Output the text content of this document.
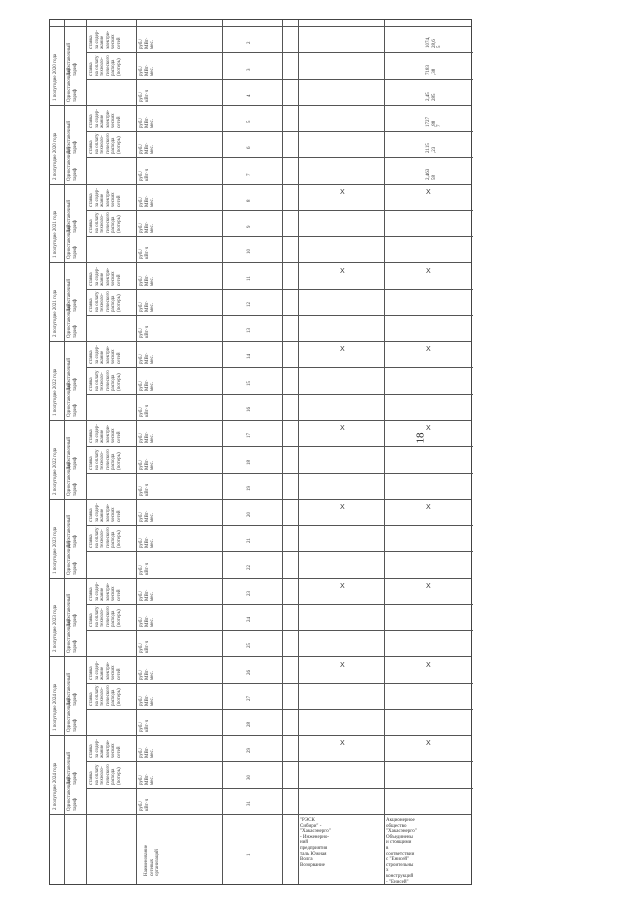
18
1 полугодие 2020 года
2 полугодие 2020 года
1 полугодие 2021 года
2 полугодие 2021 года
1 полугодие 2022 года
2 полугодие 2022 года
1 полугодие 2023 года
2 полугодие 2023 года
1 полугодие 2024 года
2 полугодие 2024 года
Двухставочный
тариф
Одноставочный
тариф
ставка
за содер-
жание
электри-
ческих
сетей
ставка
на оплату
техноло-
гического
расхода
(потерь)
руб./
МВт·
мес.
руб./
МВт·
мес.
руб./
кВт·ч
Двухставочный
тариф
Одноставочный
тариф
ставка
за содер-
жание
электри-
ческих
сетей
ставка
на оплату
техноло-
гического
расхода
(потерь)
руб./
МВт·
мес.
руб./
МВт·
мес.
руб./
кВт·ч
Двухставочный
тариф
Одноставочный
тариф
ставка
за содер-
жание
электри-
ческих
сетей
ставка
на оплату
техноло-
гического
расхода
(потерь)
руб./
МВт·
мес.
руб./
МВт·
мес.
руб./
кВт·ч
Двухставочный
тариф
Одноставочный
тариф
ставка
за содер-
жание
электри-
ческих
сетей
ставка
на оплату
техноло-
гического
расхода
(потерь)
руб./
МВт·
мес.
руб./
МВт·
мес.
руб./
кВт·ч
Двухставочный
тариф
Одноставочный
тариф
ставка
за содер-
жание
электри-
ческих
сетей
ставка
на оплату
техноло-
гического
расхода
(потерь)
руб./
МВт·
мес.
руб./
МВт·
мес.
руб./
кВт·ч
Двухставочный
тариф
Одноставочный
тариф
ставка
за содер-
жание
электри-
ческих
сетей
ставка
на оплату
техноло-
гического
расхода
(потерь)
руб./
МВт·
мес.
руб./
МВт·
мес.
руб./
кВт·ч
Двухставочный
тариф
Одноставочный
тариф
ставка
за содер-
жание
электри-
ческих
сетей
ставка
на оплату
техноло-
гического
расхода
(потерь)
руб./
МВт·
мес.
руб./
МВт·
мес.
руб./
кВт·ч
Двухставочный
тариф
Одноставочный
тариф
ставка
за содер-
жание
электри-
ческих
сетей
ставка
на оплату
техноло-
гического
расхода
(потерь)
руб./
МВт·
мес.
руб./
МВт·
мес.
руб./
кВт·ч
Двухставочный
тариф
Одноставочный
тариф
ставка
за содер-
жание
электри-
ческих
сетей
ставка
на оплату
техноло-
гического
расхода
(потерь)
руб./
МВт·
мес.
руб./
МВт·
мес.
руб./
кВт·ч
Двухставочный
тариф
Одноставочный
тариф
ставка
за содер-
жание
электри-
ческих
сетей
ставка
на оплату
техноло-
гического
расхода
(потерь)
руб./
МВт·
мес.
руб./
МВт·
мес.
руб./
кВт·ч
2
3
4
5
6
7
8
9
10
11
12
13
14
15
16
17
18
19
20
21
22
23
24
25
26
27
28
29
30
31
1
Наименование
сетевых
организаций
"РЭСК
Сибири" -
"Хакасэнерго"
- Инженерно-
ний
предприятия
таль Южная
Волга
Возорвание
X
X
X
X
X
X
X
X
Акционерное
общество
"Хакасэнерго"
Объединены
и стоящими
в
соответствии
с "Енисей"
строительны
х
конструкций
- "Енисей"
1074,
28,6
5
7183
,38
2,45
285
1727
,88
7
2115
,23
2,463
58
X
X
X
X
X
X
X
X
